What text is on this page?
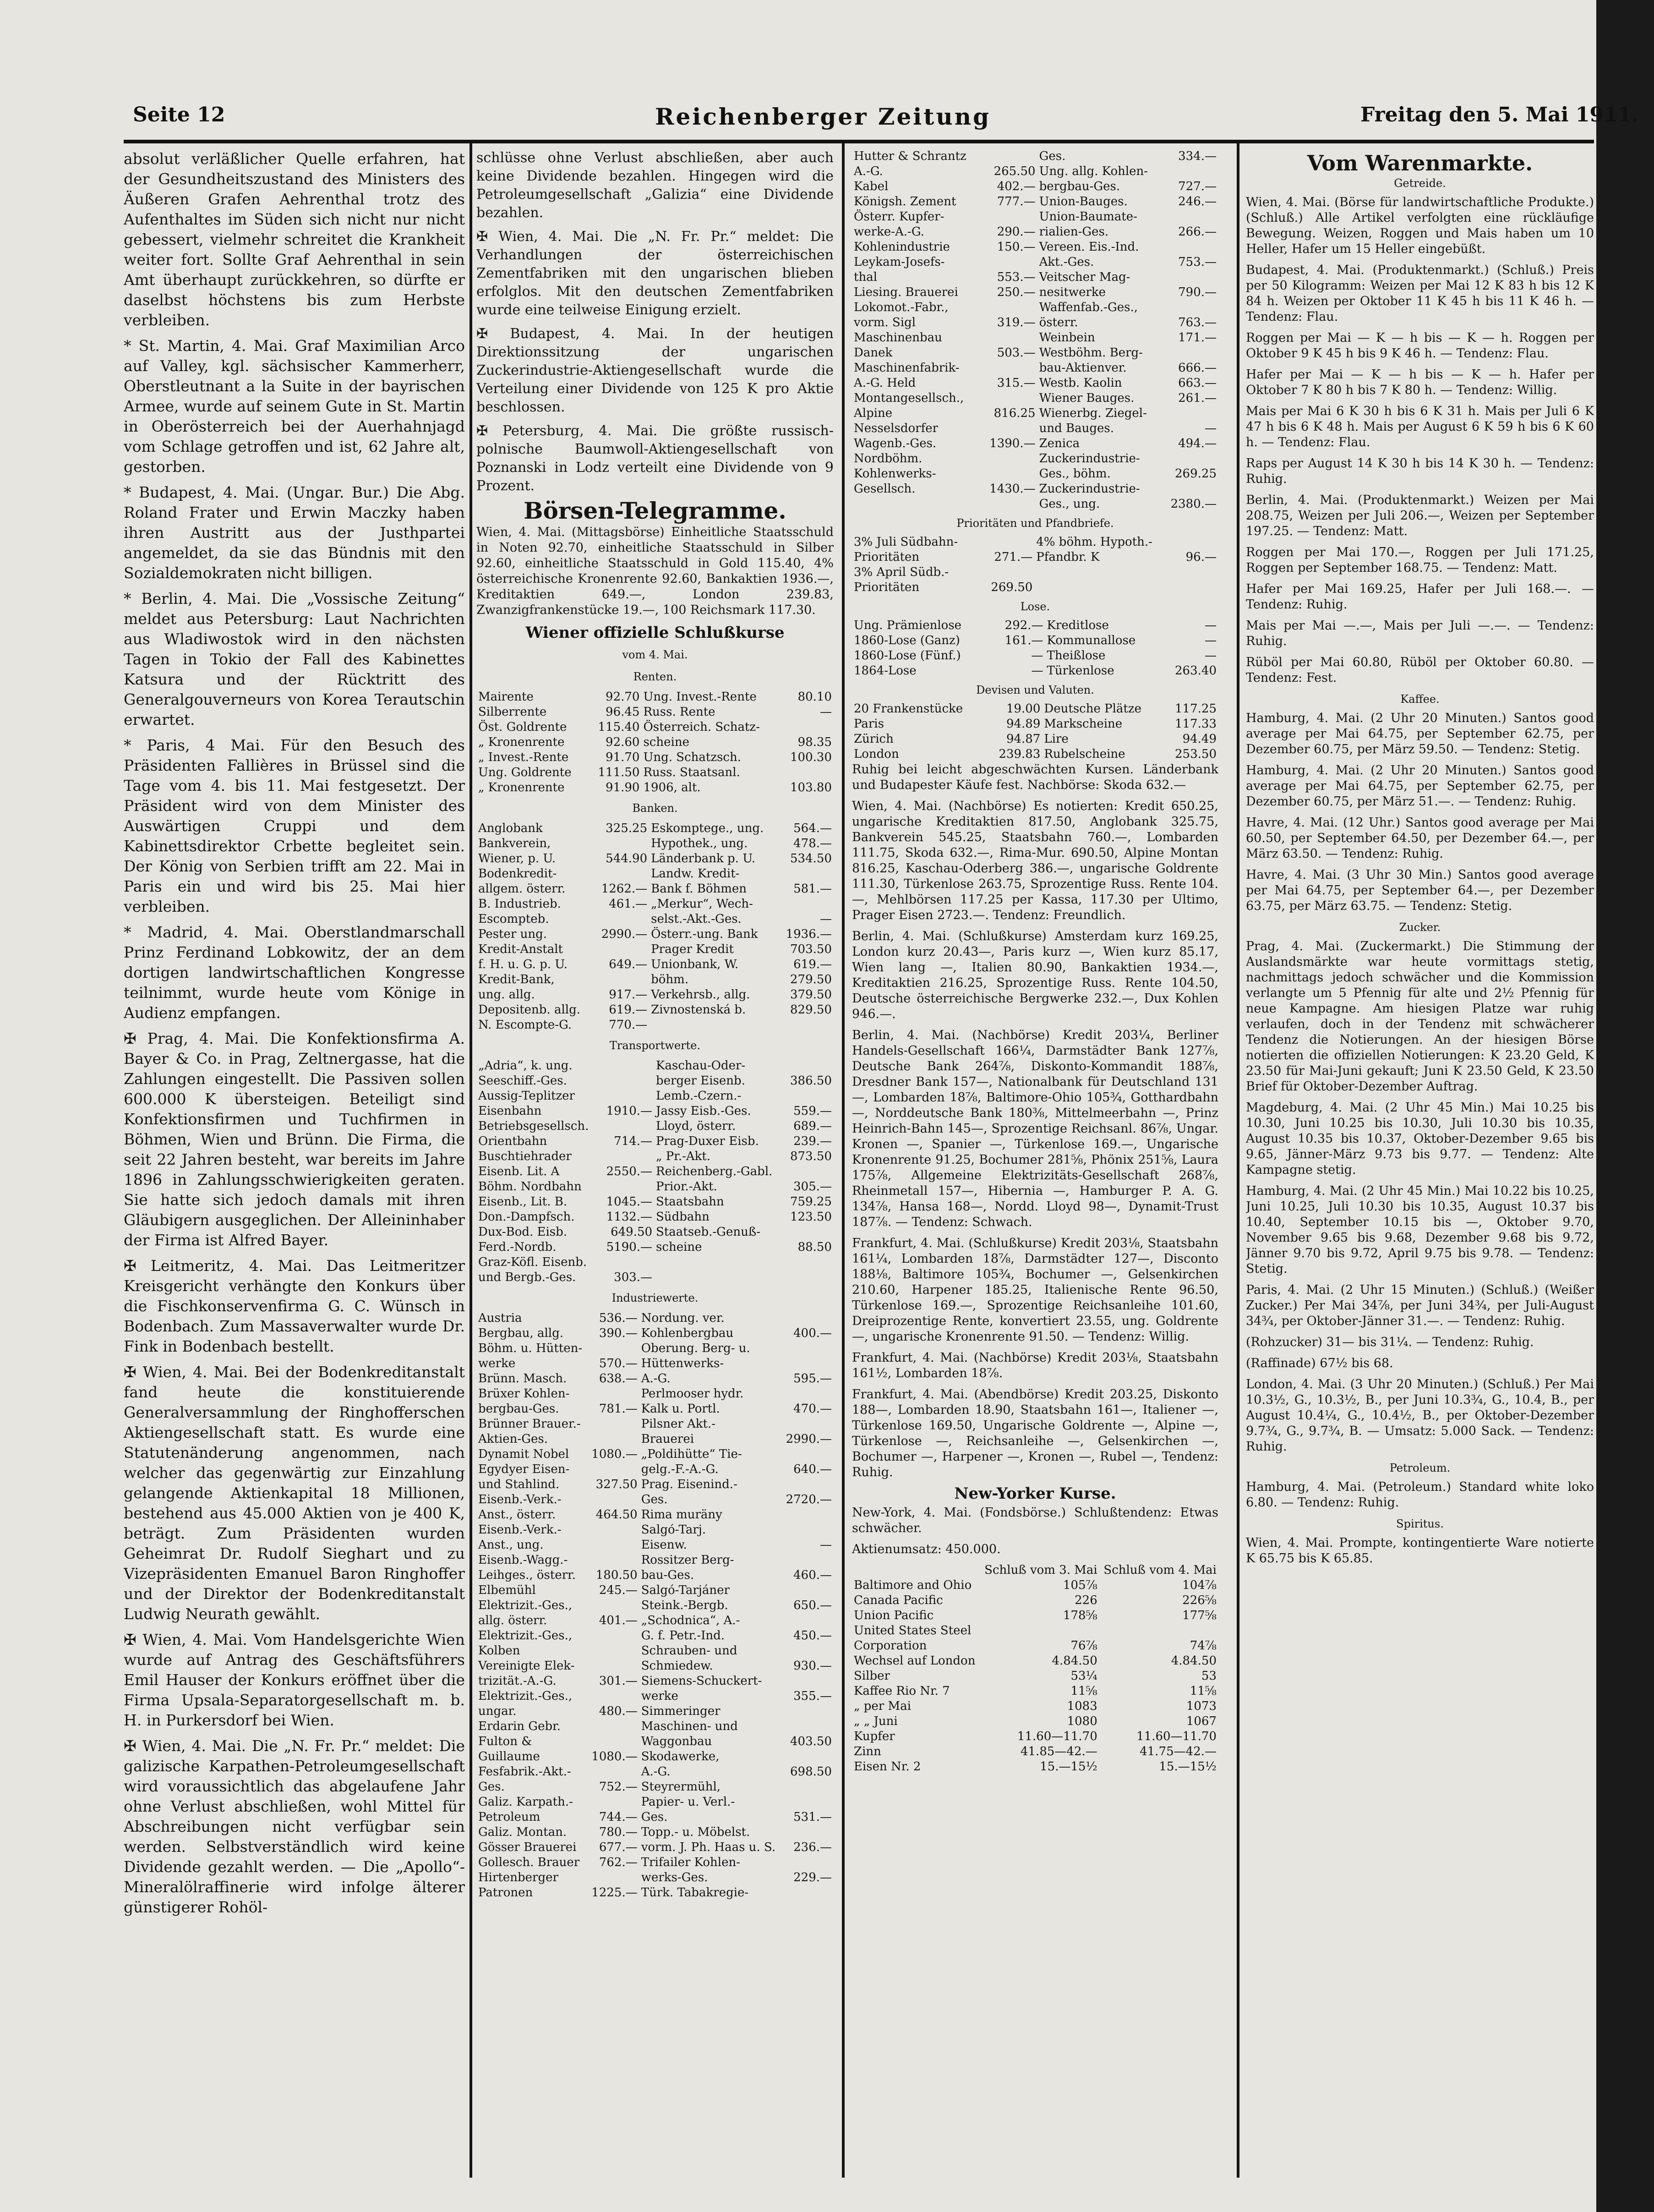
Seite 12	Reichenberger Zeitung	Freitag den 5. Mai 1911.

absolut verläßlicher Quelle erfahren, hat der Gesundheitszustand des Ministers des Äußeren Grafen Aehrenthal trotz des Aufenthaltes im Süden sich nicht nur nicht gebessert, vielmehr schreitet die Krankheit weiter fort. Sollte Graf Aehrenthal in sein Amt überhaupt zurückkehren, so dürfte er daselbst höchstens bis zum Herbste verbleiben.

* St. Martin, 4. Mai. Graf Maximilian Arco auf Valley, kgl. sächsischer Kammerherr, Oberstleutnant a la Suite in der bayrischen Armee, wurde auf seinem Gute in St. Martin in Oberösterreich bei der Auerhahnjagd vom Schlage getroffen und ist, 62 Jahre alt, gestorben.

* Budapest, 4. Mai. (Ungar. Bur.) Die Abg. Roland Frater und Erwin Maczky haben ihren Austritt aus der Justhpartei angemeldet, da sie das Bündnis mit den Sozialdemokraten nicht billigen.

* Berlin, 4. Mai. Die „Vossische Zeitung“ meldet aus Petersburg: Laut Nachrichten aus Wladiwostok wird in den nächsten Tagen in Tokio der Fall des Kabinettes Katsura und der Rücktritt des Generalgouverneurs von Korea Terautschin erwartet.

* Paris, 4 Mai. Für den Besuch des Präsidenten Fallières in Brüssel sind die Tage vom 4. bis 11. Mai festgesetzt. Der Präsident wird von dem Minister des Auswärtigen Cruppi und dem Kabinettsdirektor Crbette begleitet sein. Der König von Serbien trifft am 22. Mai in Paris ein und wird bis 25. Mai hier verbleiben.

* Madrid, 4. Mai. Oberstlandmarschall Prinz Ferdinand Lobkowitz, der an dem dortigen landwirtschaftlichen Kongresse teilnimmt, wurde heute vom Könige in Audienz empfangen.

✠ Prag, 4. Mai. Die Konfektionsfirma A. Bayer & Co. in Prag, Zeltnergasse, hat die Zahlungen eingestellt. Die Passiven sollen 600.000 K übersteigen. Beteiligt sind Konfektionsfirmen und Tuchfirmen in Böhmen, Wien und Brünn. Die Firma, die seit 22 Jahren besteht, war bereits im Jahre 1896 in Zahlungsschwierigkeiten geraten. Sie hatte sich jedoch damals mit ihren Gläubigern ausgeglichen. Der Alleininhaber der Firma ist Alfred Bayer.

✠ Leitmeritz, 4. Mai. Das Leitmeritzer Kreisgericht verhängte den Konkurs über die Fischkonservenfirma G. C. Wünsch in Bodenbach. Zum Massaverwalter wurde Dr. Fink in Bodenbach bestellt.

✠ Wien, 4. Mai. Bei der Bodenkreditanstalt fand heute die konstituierende Generalversammlung der Ringhofferschen Aktiengesellschaft statt. Es wurde eine Statutenänderung angenommen, nach welcher das gegenwärtig zur Einzahlung gelangende Aktienkapital 18 Millionen, bestehend aus 45.000 Aktien von je 400 K, beträgt. Zum Präsidenten wurden Geheimrat Dr. Rudolf Sieghart und zu Vizepräsidenten Emanuel Baron Ringhoffer und der Direktor der Bodenkreditanstalt Ludwig Neurath gewählt.

✠ Wien, 4. Mai. Vom Handelsgerichte Wien wurde auf Antrag des Geschäftsführers Emil Hauser der Konkurs eröffnet über die Firma Upsala-Separatorgesellschaft m. b. H. in Purkersdorf bei Wien.

✠ Wien, 4. Mai. Die „N. Fr. Pr.“ meldet: Die galizische Karpathen-Petroleumgesellschaft wird voraussichtlich das abgelaufene Jahr ohne Verlust abschließen, wohl Mittel für Abschreibungen nicht verfügbar sein werden. Selbstverständlich wird keine Dividende gezahlt werden. — Die „Apollo“-Mineralölraffinerie wird infolge älterer günstigerer Rohöl-

schlüsse ohne Verlust abschließen, aber auch keine Dividende bezahlen. Hingegen wird die Petroleumgesellschaft „Galizia“ eine Dividende bezahlen.

✠ Wien, 4. Mai. Die „N. Fr. Pr.“ meldet: Die Verhandlungen der österreichischen Zementfabriken mit den ungarischen blieben erfolglos. Mit den deutschen Zementfabriken wurde eine teilweise Einigung erzielt.

✠ Budapest, 4. Mai. In der heutigen Direktionssitzung der ungarischen Zuckerindustrie-Aktiengesellschaft wurde die Verteilung einer Dividende von 125 K pro Aktie beschlossen.

✠ Petersburg, 4. Mai. Die größte russisch-polnische Baumwoll-Aktiengesellschaft von Poznanski in Lodz verteilt eine Dividende von 9 Prozent.

Börsen-Telegramme.

Wien, 4. Mai. (Mittagsbörse) Einheitliche Staatsschuld in Noten 92.70, einheitliche Staatsschuld in Silber 92.60, einheitliche Staatsschuld in Gold 115.40, 4% österreichische Kronenrente 92.60, Bankaktien 1936.—, Kreditaktien 649.—, London 239.83, Zwanzigfrankenstücke 19.—, 100 Reichsmark 117.30.

Wiener offizielle Schlußkurse
vom 4. Mai.
Renten.
Mairente	92.70	Ung. Invest.-Rente	80.10
Silberrente	96.45	Russ. Rente	—
Öst. Goldrente	115.40	Österreich. Schatz-	
„ Kronenrente	92.60	scheine	98.35
„ Invest.-Rente	91.70	Ung. Schatzsch.	100.30
Ung. Goldrente	111.50	Russ. Staatsanl.	
„ Kronenrente	91.90	1906, alt.	103.80
Banken.
Anglobank	325.25	Eskomptege., ung.	564.—
Bankverein,		Hypothek., ung.	478.—
Wiener, p. U.	544.90	Länderbank p. U.	534.50
Bodenkredit-		Landw. Kredit-	
allgem. österr.	1262.—	Bank f. Böhmen	581.—
B. Industrieb.	461.—	„Merkur“, Wech-	
Escompteb.		selst.-Akt.-Ges.	—
Pester ung.	2990.—	Österr.-ung. Bank	1936.—
Kredit-Anstalt		Prager Kredit	703.50
f. H. u. G. p. U.	649.—	Unionbank, W.	619.—
Kredit-Bank,		böhm.	279.50
ung. allg.	917.—	Verkehrsb., allg.	379.50
Depositenb. allg.	619.—	Zivnostenská b.	829.50
N. Escompte-G.	770.—		
Transportwerte.
„Adria“, k. ung.		Kaschau-Oder-	
Seeschiff.-Ges.		berger Eisenb.	386.50
Aussig-Teplitzer		Lemb.-Czern.-	
Eisenbahn	1910.—	Jassy Eisb.-Ges.	559.—
Betriebsgesellsch.		Lloyd, österr.	689.—
Orientbahn	714.—	Prag-Duxer Eisb.	239.—
Buschtiehrader		„ Pr.-Akt.	873.50
Eisenb. Lit. A	2550.—	Reichenberg.-Gabl.	
Böhm. Nordbahn		Prior.-Akt.	305.—
Eisenb., Lit. B.	1045.—	Staatsbahn	759.25
Don.-Dampfsch.	1132.—	Südbahn	123.50
Dux-Bod. Eisb.	649.50	Staatseb.-Genuß-	
Ferd.-Nordb.	5190.—	scheine	88.50
Graz-Köfl. Eisenb.			
und Bergb.-Ges.	303.—		
Industriewerte.
Austria	536.—	Nordung. ver.	
Bergbau, allg.	390.—	Kohlenbergbau	400.—
Böhm. u. Hütten-		Oberung. Berg- u.	
werke	570.—	Hüttenwerks-	
Brünn. Masch.	638.—	A.-G.	595.—
Brüxer Kohlen-		Perlmooser hydr.	
bergbau-Ges.	781.—	Kalk u. Portl.	470.—
Brünner Brauer.-		Pilsner Akt.-	
Aktien-Ges.		Brauerei	2990.—
Dynamit Nobel	1080.—	„Poldihütte“ Tie-	
Egydyer Eisen-		gelg.-F.-A.-G.	640.—
und Stahlind.	327.50	Prag. Eisenind.-	
Eisenb.-Verk.-		Ges.	2720.—
Anst., österr.	464.50	Rima muräny	
Eisenb.-Verk.-		Salgó-Tarj.	
Anst., ung.		Eisenw.	—
Eisenb.-Wagg.-		Rossitzer Berg-	
Leihges., österr.	180.50	bau-Ges.	460.—
Elbemühl	245.—	Salgó-Tarjáner	
Elektrizit.-Ges.,		Steink.-Bergb.	650.—
allg. österr.	401.—	„Schodnica“, A.-	
Elektrizit.-Ges.,		G. f. Petr.-Ind.	450.—
Kolben		Schrauben- und	
Vereinigte Elek-		Schmiedew.	930.—
trizität.-A.-G.	301.—	Siemens-Schuckert-	
Elektrizit.-Ges.,		werke	355.—
ungar.	480.—	Simmeringer	
Erdarin Gebr.		Maschinen- und	
Fulton &		Waggonbau	403.50
Guillaume	1080.—	Skodawerke,	
Fesfabrik.-Akt.-		A.-G.	698.50
Ges.	752.—	Steyrermühl,	
Galiz. Karpath.-		Papier- u. Verl.-	
Petroleum	744.—	Ges.	531.—
Galiz. Montan.	780.—	Topp.- u. Möbelst.	
Gösser Brauerei	677.—	vorm. J. Ph. Haas u. S.	236.—
Gollesch. Brauer	762.—	Trifailer Kohlen-	
Hirtenberger		werks-Ges.	229.—
Patronen	1225.—	Türk. Tabakregie-	
Hutter & Schrantz		Ges.	334.—
A.-G.	265.50	Ung. allg. Kohlen-	
Kabel	402.—	bergbau-Ges.	727.—
Königsh. Zement	777.—	Union-Bauges.	246.—
Österr. Kupfer-		Union-Baumate-	
werke-A.-G.	290.—	rialien-Ges.	266.—
Kohlenindustrie	150.—	Vereen. Eis.-Ind.	
Leykam-Josefs-		Akt.-Ges.	753.—
thal	553.—	Veitscher Mag-	
Liesing. Brauerei	250.—	nesitwerke	790.—
Lokomot.-Fabr.,		Waffenfab.-Ges.,	
vorm. Sigl	319.—	österr.	763.—
Maschinenbau		Weinbein	171.—
Danek	503.—	Westböhm. Berg-	
Maschinenfabrik-		bau-Aktienver.	666.—
A.-G. Held	315.—	Westb. Kaolin	663.—
Montangesellsch.,		Wiener Bauges.	261.—
Alpine	816.25	Wienerbg. Ziegel-	
Nesselsdorfer		und Bauges.	—
Wagenb.-Ges.	1390.—	Zenica	494.—
Nordböhm.		Zuckerindustrie-	
Kohlenwerks-		Ges., böhm.	269.25
Gesellsch.	1430.—	Zuckerindustrie-	
		Ges., ung.	2380.—
Prioritäten und Pfandbriefe.
3% Juli Südbahn-		4% böhm. Hypoth.-	
Prioritäten	271.—	Pfandbr. K	96.—
3% April Südb.-			
Prioritäten	269.50		
Lose.
Ung. Prämienlose	292.—	Kreditlose	—
1860-Lose (Ganz)	161.—	Kommunallose	—
1860-Lose (Fünf.)	—	Theißlose	—
1864-Lose	—	Türkenlose	263.40
Devisen und Valuten.
20 Frankenstücke	19.00	Deutsche Plätze	117.25
Paris	94.89	Markscheine	117.33
Zürich	94.87	Lire	94.49
London	239.83	Rubelscheine	253.50

Ruhig bei leicht abgeschwächten Kursen. Länderbank und Budapester Käufe fest. Nachbörse: Skoda 632.—

Wien, 4. Mai. (Nachbörse) Es notierten: Kredit 650.25, ungarische Kreditaktien 817.50, Anglobank 325.75, Bankverein 545.25, Staatsbahn 760.—, Lombarden 111.75, Skoda 632.—, Rima-Mur. 690.50, Alpine Montan 816.25, Kaschau-Oderberg 386.—, ungarische Goldrente 111.30, Türkenlose 263.75, Sprozentige Russ. Rente 104.—, Mehlbörsen 117.25 per Kassa, 117.30 per Ultimo, Prager Eisen 2723.—. Tendenz: Freundlich.

Berlin, 4. Mai. (Schlußkurse) Amsterdam kurz 169.25, London kurz 20.43—, Paris kurz —, Wien kurz 85.17, Wien lang —, Italien 80.90, Bankaktien 1934.—, Kreditaktien 216.25, Sprozentige Russ. Rente 104.50, Deutsche österreichische Bergwerke 232.—, Dux Kohlen 946.—.

Berlin, 4. Mai. (Nachbörse) Kredit 203¼, Berliner Handels-Gesellschaft 166¼, Darmstädter Bank 127⅞, Deutsche Bank 264⅞, Diskonto-Kommandit 188⅞, Dresdner Bank 157—, Nationalbank für Deutschland 131—, Lombarden 18⅞, Baltimore-Ohio 105¾, Gotthardbahn —, Norddeutsche Bank 180⅜, Mittelmeerbahn —, Prinz Heinrich-Bahn 145—, Sprozentige Reichsanl. 86⅞, Ungar. Kronen —, Spanier —, Türkenlose 169.—, Ungarische Kronenrente 91.25, Bochumer 281⅝, Phönix 251⅝, Laura 175⅞, Allgemeine Elektrizitäts-Gesellschaft 268⅞, Rheinmetall 157—, Hibernia —, Hamburger P. A. G. 134⅞, Hansa 168—, Nordd. Lloyd 98—, Dynamit-Trust 187⅞. — Tendenz: Schwach.

Frankfurt, 4. Mai. (Schlußkurse) Kredit 203⅛, Staatsbahn 161¼, Lombarden 18⅞, Darmstädter 127—, Disconto 188⅛, Baltimore 105¾, Bochumer —, Gelsenkirchen 210.60, Harpener 185.25, Italienische Rente 96.50, Türkenlose 169.—, Sprozentige Reichsanleihe 101.60, Dreiprozentige Rente, konvertiert 23.55, ung. Goldrente —, ungarische Kronenrente 91.50. — Tendenz: Willig.

Frankfurt, 4. Mai. (Nachbörse) Kredit 203⅛, Staatsbahn 161½, Lombarden 18⅞.

Frankfurt, 4. Mai. (Abendbörse) Kredit 203.25, Diskonto 188—, Lombarden 18.90, Staatsbahn 161—, Italiener —, Türkenlose 169.50, Ungarische Goldrente —, Alpine —, Türkenlose —, Reichsanleihe —, Gelsenkirchen —, Bochumer —, Harpener —, Kronen —, Rubel —, Tendenz: Ruhig.

New-Yorker Kurse.

New-York, 4. Mai. (Fondsbörse.) Schlußtendenz: Etwas schwächer.

Aktienumsatz: 450.000.

	Schluß vom 3. Mai	Schluß vom 4. Mai
Baltimore and Ohio	105⅞	104⅞
Canada Pacific	226	226⅝
Union Pacific	178⅝	177⅝
United States Steel		
Corporation	76⅞	74⅞
Wechsel auf London	4.84.50	4.84.50
Silber	53¼	53
Kaffee Rio Nr. 7	11⅝	11⅝
„ per Mai	1083	1073
„ „ Juni	1080	1067
Kupfer	11.60—11.70	11.60—11.70
Zinn	41.85—42.—	41.75—42.—
Eisen Nr. 2	15.—15½	15.—15½
Vom Warenmarkte.
Getreide.

Wien, 4. Mai. (Börse für landwirtschaftliche Produkte.) (Schluß.) Alle Artikel verfolgten eine rückläufige Bewegung. Weizen, Roggen und Mais haben um 10 Heller, Hafer um 15 Heller eingebüßt.

Budapest, 4. Mai. (Produktenmarkt.) (Schluß.) Preis per 50 Kilogramm: Weizen per Mai 12 K 83 h bis 12 K 84 h. Weizen per Oktober 11 K 45 h bis 11 K 46 h. — Tendenz: Flau.

Roggen per Mai — K — h bis — K — h. Roggen per Oktober 9 K 45 h bis 9 K 46 h. — Tendenz: Flau.

Hafer per Mai — K — h bis — K — h. Hafer per Oktober 7 K 80 h bis 7 K 80 h. — Tendenz: Willig.

Mais per Mai 6 K 30 h bis 6 K 31 h. Mais per Juli 6 K 47 h bis 6 K 48 h. Mais per August 6 K 59 h bis 6 K 60 h. — Tendenz: Flau.

Raps per August 14 K 30 h bis 14 K 30 h. — Tendenz: Ruhig.

Berlin, 4. Mai. (Produktenmarkt.) Weizen per Mai 208.75, Weizen per Juli 206.—, Weizen per September 197.25. — Tendenz: Matt.

Roggen per Mai 170.—, Roggen per Juli 171.25, Roggen per September 168.75. — Tendenz: Matt.

Hafer per Mai 169.25, Hafer per Juli 168.—. — Tendenz: Ruhig.

Mais per Mai —.—, Mais per Juli —.—. — Tendenz: Ruhig.

Rüböl per Mai 60.80, Rüböl per Oktober 60.80. — Tendenz: Fest.

Kaffee.

Hamburg, 4. Mai. (2 Uhr 20 Minuten.) Santos good average per Mai 64.75, per September 62.75, per Dezember 60.75, per März 59.50. — Tendenz: Stetig.

Hamburg, 4. Mai. (2 Uhr 20 Minuten.) Santos good average per Mai 64.75, per September 62.75, per Dezember 60.75, per März 51.—. — Tendenz: Ruhig.

Havre, 4. Mai. (12 Uhr.) Santos good average per Mai 60.50, per September 64.50, per Dezember 64.—, per März 63.50. — Tendenz: Ruhig.

Havre, 4. Mai. (3 Uhr 30 Min.) Santos good average per Mai 64.75, per September 64.—, per Dezember 63.75, per März 63.75. — Tendenz: Stetig.

Zucker.

Prag, 4. Mai. (Zuckermarkt.) Die Stimmung der Auslandsmärkte war heute vormittags stetig, nachmittags jedoch schwächer und die Kommission verlangte um 5 Pfennig für alte und 2½ Pfennig für neue Kampagne. Am hiesigen Platze war ruhig verlaufen, doch in der Tendenz mit schwächerer Tendenz die Notierungen. An der hiesigen Börse notierten die offiziellen Notierungen: K 23.20 Geld, K 23.50 für Mai-Juni gekauft; Juni K 23.50 Geld, K 23.50 Brief für Oktober-Dezember Auftrag.

Magdeburg, 4. Mai. (2 Uhr 45 Min.) Mai 10.25 bis 10.30, Juni 10.25 bis 10.30, Juli 10.30 bis 10.35, August 10.35 bis 10.37, Oktober-Dezember 9.65 bis 9.65, Jänner-März 9.73 bis 9.77. — Tendenz: Alte Kampagne stetig.

Hamburg, 4. Mai. (2 Uhr 45 Min.) Mai 10.22 bis 10.25, Juni 10.25, Juli 10.30 bis 10.35, August 10.37 bis 10.40, September 10.15 bis —, Oktober 9.70, November 9.65 bis 9.68, Dezember 9.68 bis 9.72, Jänner 9.70 bis 9.72, April 9.75 bis 9.78. — Tendenz: Stetig.

Paris, 4. Mai. (2 Uhr 15 Minuten.) (Schluß.) (Weißer Zucker.) Per Mai 34⅞, per Juni 34¾, per Juli-August 34¾, per Oktober-Jänner 31.—. — Tendenz: Ruhig.

(Rohzucker) 31— bis 31¼. — Tendenz: Ruhig.

(Raffinade) 67½ bis 68.

London, 4. Mai. (3 Uhr 20 Minuten.) (Schluß.) Per Mai 10.3½, G., 10.3½, B., per Juni 10.3¾, G., 10.4, B., per August 10.4¼, G., 10.4½, B., per Oktober-Dezember 9.7¾, G., 9.7¾, B. — Umsatz: 5.000 Sack. — Tendenz: Ruhig.

Petroleum.

Hamburg, 4. Mai. (Petroleum.) Standard white loko 6.80. — Tendenz: Ruhig.

Spiritus.

Wien, 4. Mai. Prompte, kontingentierte Ware notierte K 65.75 bis K 65.85.
